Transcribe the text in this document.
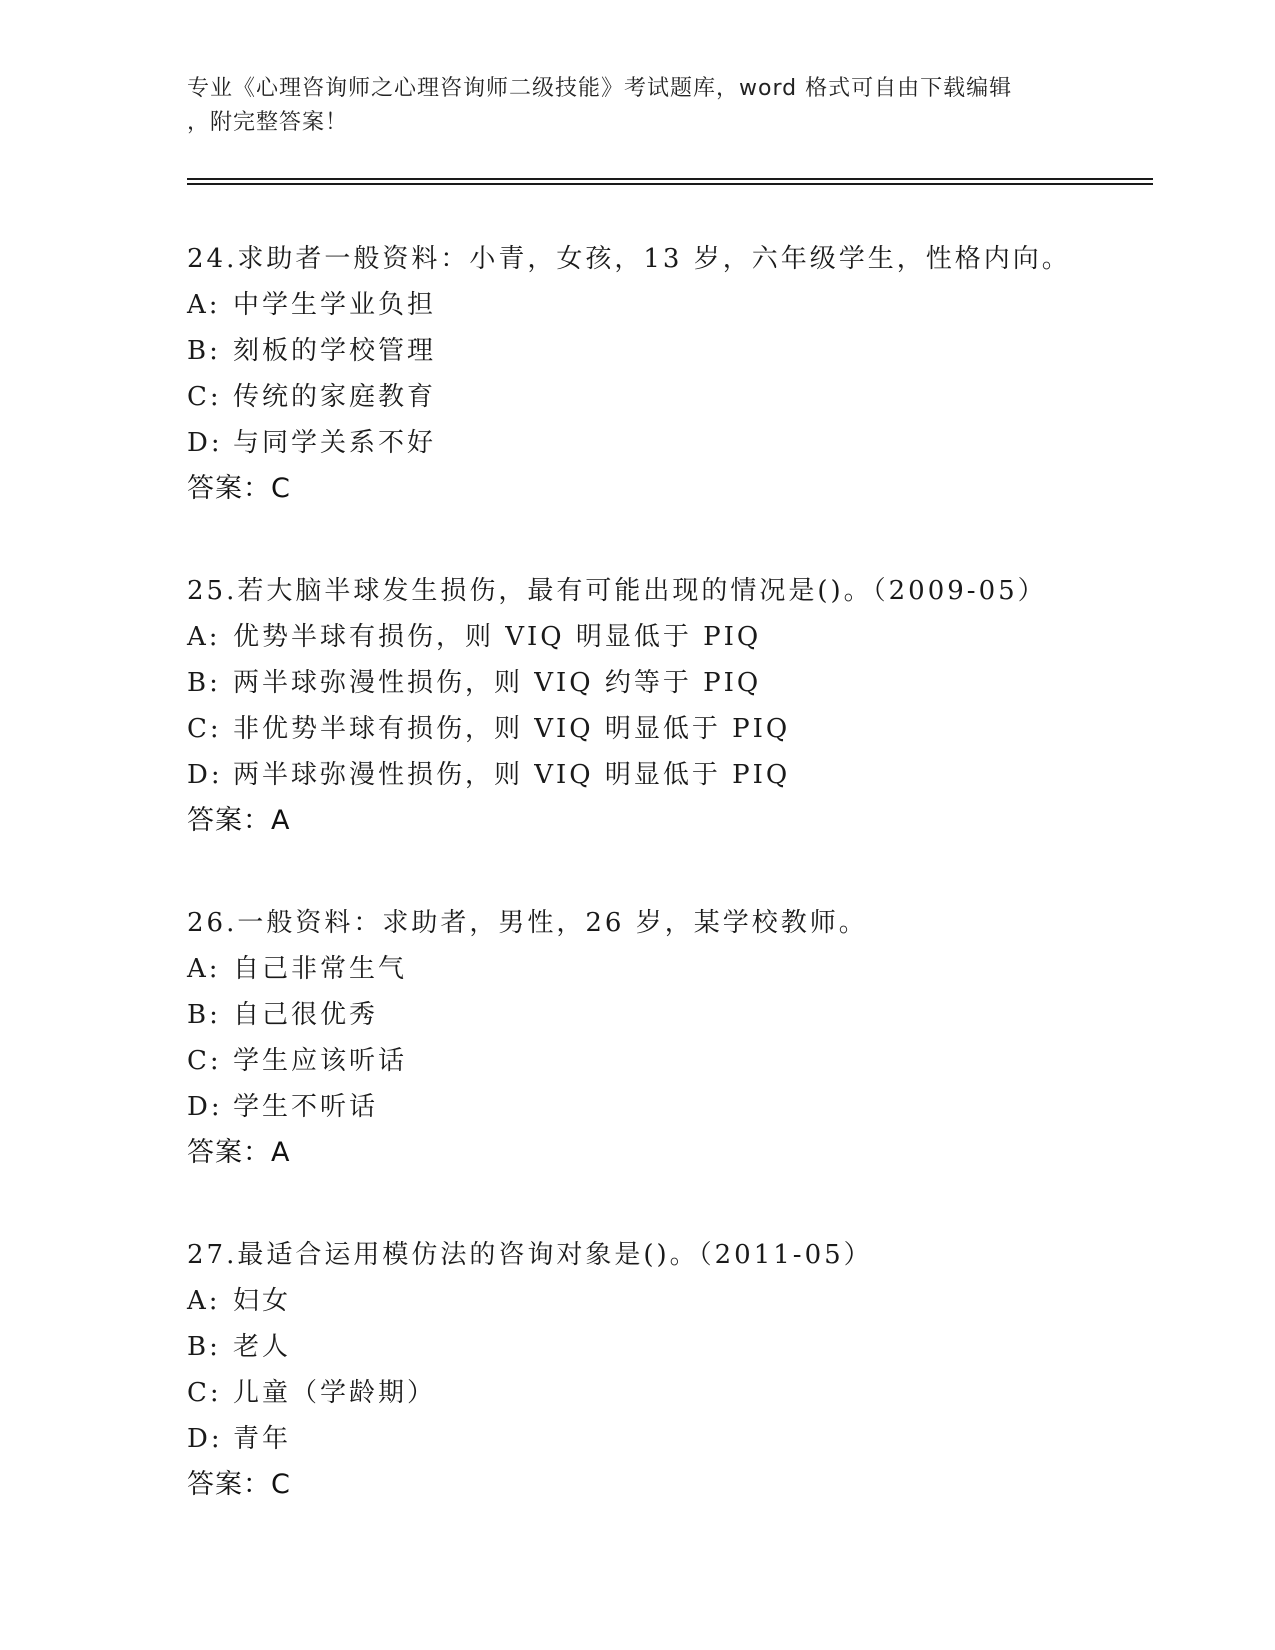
专业《心理咨询师之心理咨询师二级技能》考试题库，word 格式可自由下载编辑
，附完整答案！
24.求助者一般资料：小青，女孩，13 岁，六年级学生，性格内向。
A: 中学生学业负担
B: 刻板的学校管理
C: 传统的家庭教育
D: 与同学关系不好
答案：C
25.若大脑半球发生损伤，最有可能出现的情况是()。（2009-05）
A: 优势半球有损伤，则 VIQ 明显低于 PIQ
B: 两半球弥漫性损伤，则 VIQ 约等于 PIQ
C: 非优势半球有损伤，则 VIQ 明显低于 PIQ
D: 两半球弥漫性损伤，则 VIQ 明显低于 PIQ
答案：A
26.一般资料：求助者，男性，26 岁，某学校教师。
A: 自己非常生气
B: 自己很优秀
C: 学生应该听话
D: 学生不听话
答案：A
27.最适合运用模仿法的咨询对象是()。（2011-05）
A: 妇女
B: 老人
C: 儿童（学龄期）
D: 青年
答案：C
